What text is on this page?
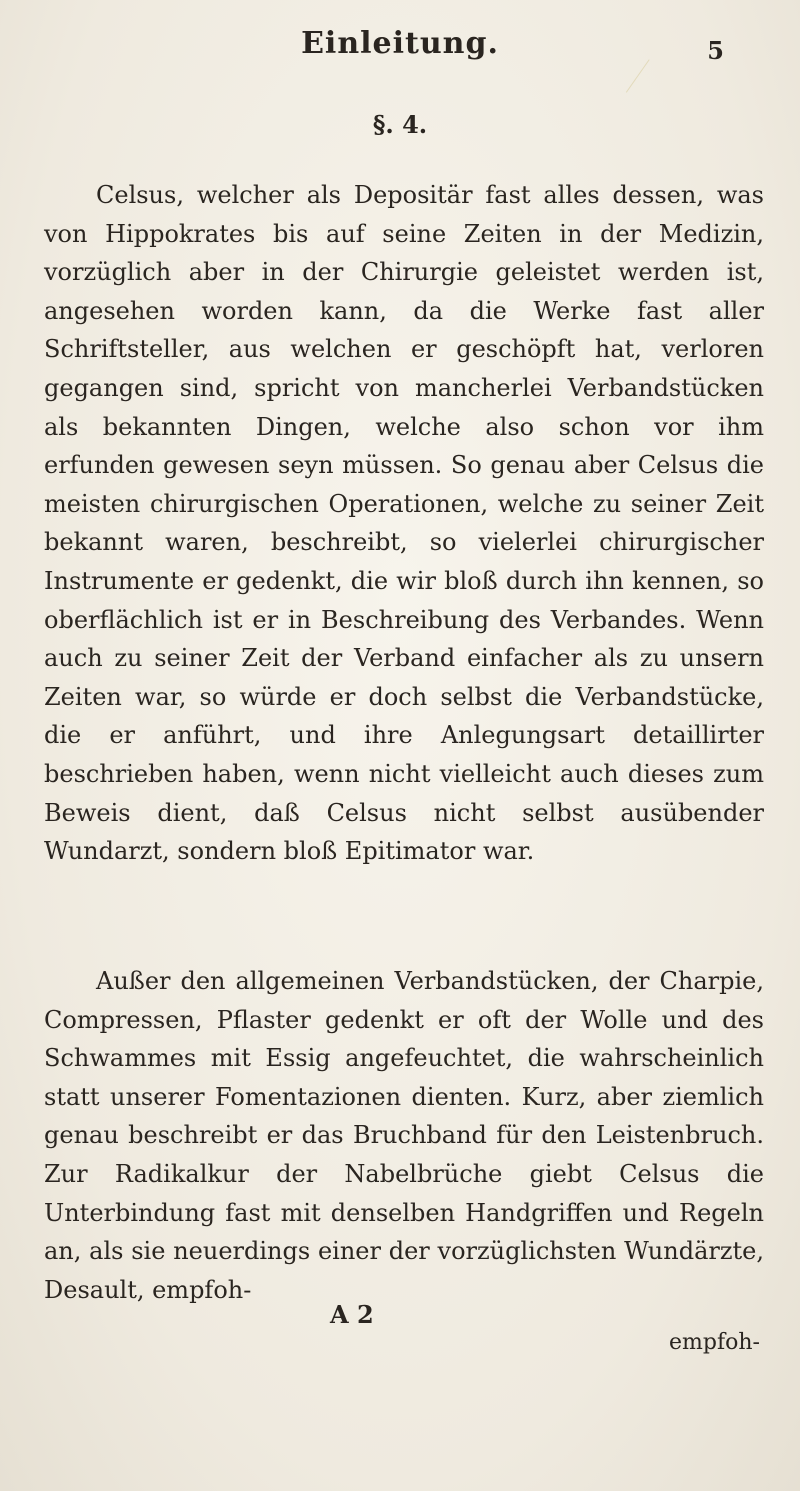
Einleitung.	5
§. 4.

Celsus, welcher als Depositär fast alles dessen, was von Hippokrates bis auf seine Zeiten in der Medizin, vorzüglich aber in der Chirurgie geleistet werden ist, angesehen worden kann, da die Werke fast aller Schriftsteller, aus welchen er geschöpft hat, verloren gegangen sind, spricht von mancherlei Verbandstücken als bekannten Dingen, welche also schon vor ihm erfunden gewesen seyn müssen. So genau aber Celsus die meisten chirurgischen Operationen, welche zu seiner Zeit bekannt waren, beschreibt, so vielerlei chirurgischer Instrumente er gedenkt, die wir bloß durch ihn kennen, so oberflächlich ist er in Beschreibung des Verbandes. Wenn auch zu seiner Zeit der Verband einfacher als zu unsern Zeiten war, so würde er doch selbst die Verbandstücke, die er anführt, und ihre Anlegungsart detaillirter beschrieben haben, wenn nicht vielleicht auch dieses zum Beweis dient, daß Celsus nicht selbst ausübender Wundarzt, sondern bloß Epitimator war.

Außer den allgemeinen Verbandstücken, der Charpie, Compressen, Pflaster gedenkt er oft der Wolle und des Schwammes mit Essig angefeuchtet, die wahrscheinlich statt unserer Fomentazionen dienten. Kurz, aber ziemlich genau beschreibt er das Bruchband für den Leistenbruch. Zur Radikalkur der Nabelbrüche giebt Celsus die Unterbindung fast mit denselben Handgriffen und Regeln an, als sie neuerdings einer der vorzüglichsten Wundärzte, Desault, empfoh-

A 2
empfoh-
